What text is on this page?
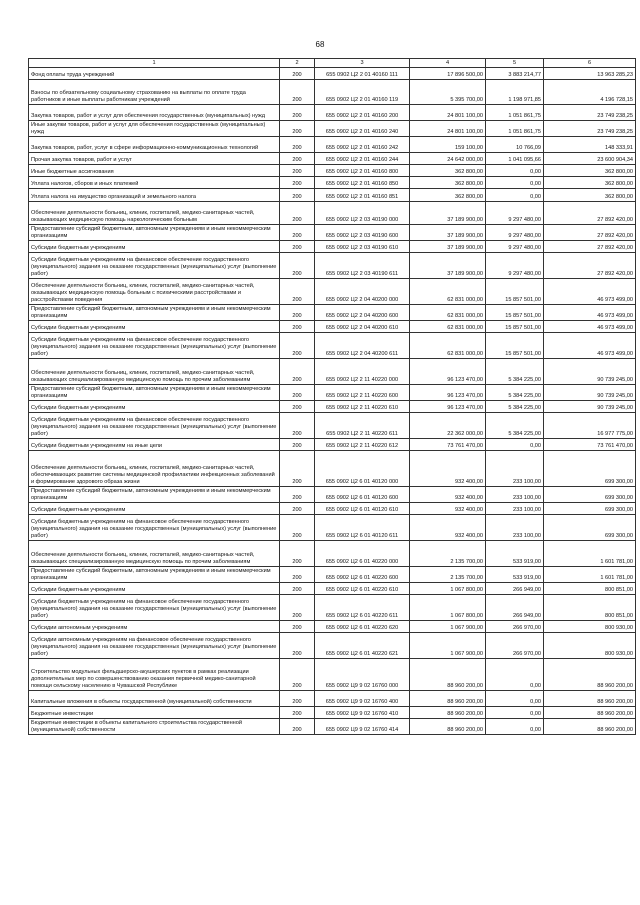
68
1	2	3	4	5	6
Фонд оплаты труда учреждений	200	655 0902 Ц2 2 01 40160 111	17 896 500,00	3 883 214,77	13 963 285,23
Взносы по обязательному социальному страхованию на выплаты по оплате труда работников и иные выплаты работникам учреждений	200	655 0902 Ц2 2 01 40160 119	5 395 700,00	1 198 971,85	4 196 728,15
Закупка товаров, работ и услуг для обеспечения государственных (муниципальных) нужд	200	655 0902 Ц2 2 01 40160 200	24 801 100,00	1 051 861,75	23 749 238,25
Иные закупки товаров, работ и услуг для обеспечения государственных (муниципальных) нужд	200	655 0902 Ц2 2 01 40160 240	24 801 100,00	1 051 861,75	23 749 238,25
Закупка товаров, работ, услуг в сфере информационно-коммуникационных технологий	200	655 0902 Ц2 2 01 40160 242	159 100,00	10 766,09	148 333,91
Прочая закупка товаров, работ и услуг	200	655 0902 Ц2 2 01 40160 244	24 642 000,00	1 041 095,66	23 600 904,34
Иные бюджетные ассигнования	200	655 0902 Ц2 2 01 40160 800	362 800,00	0,00	362 800,00
Уплата налогов, сборов и иных платежей	200	655 0902 Ц2 2 01 40160 850	362 800,00	0,00	362 800,00
Уплата налога на имущество организаций и земельного налога	200	655 0902 Ц2 2 01 40160 851	362 800,00	0,00	362 800,00
Обеспечение деятельности больниц, клиник, госпиталей, медико-санитарных частей, оказывающих медицинскую помощь наркологическим больным	200	655 0902 Ц2 2 03 40190 000	37 189 900,00	9 297 480,00	27 892 420,00
Предоставление субсидий бюджетным, автономным учреждениям и иным некоммерческим организациям	200	655 0902 Ц2 2 03 40190 600	37 189 900,00	9 297 480,00	27 892 420,00
Субсидии бюджетным учреждениям	200	655 0902 Ц2 2 03 40190 610	37 189 900,00	9 297 480,00	27 892 420,00
Субсидии бюджетным учреждениям на финансовое обеспечение государственного (муниципального) задания на оказание государственных (муниципальных) услуг (выполнение работ)	200	655 0902 Ц2 2 03 40190 611	37 189 900,00	9 297 480,00	27 892 420,00
Обеспечение деятельности больниц, клиник, госпиталей, медико-санитарных частей, оказывающих медицинскую помощь больным с психическими расстройствами и расстройствами поведения	200	655 0902 Ц2 2 04 40200 000	62 831 000,00	15 857 501,00	46 973 499,00
Предоставление субсидий бюджетным, автономным учреждениям и иным некоммерческим организациям	200	655 0902 Ц2 2 04 40200 600	62 831 000,00	15 857 501,00	46 973 499,00
Субсидии бюджетным учреждениям	200	655 0902 Ц2 2 04 40200 610	62 831 000,00	15 857 501,00	46 973 499,00
Субсидии бюджетным учреждениям на финансовое обеспечение государственного (муниципального) задания на оказание государственных (муниципальных) услуг (выполнение работ)	200	655 0902 Ц2 2 04 40200 611	62 831 000,00	15 857 501,00	46 973 499,00
Обеспечение деятельности больниц, клиник, госпиталей, медико-санитарных частей, оказывающих специализированную медицинскую помощь по прочим заболеваниям	200	655 0902 Ц2 2 11 40220 000	96 123 470,00	5 384 225,00	90 739 245,00
Предоставление субсидий бюджетным, автономным учреждениям и иным некоммерческим организациям	200	655 0902 Ц2 2 11 40220 600	96 123 470,00	5 384 225,00	90 739 245,00
Субсидии бюджетным учреждениям	200	655 0902 Ц2 2 11 40220 610	96 123 470,00	5 384 225,00	90 739 245,00
Субсидии бюджетным учреждениям на финансовое обеспечение государственного (муниципального) задания на оказание государственных (муниципальных) услуг (выполнение работ)	200	655 0902 Ц2 2 11 40220 611	22 362 000,00	5 384 225,00	16 977 775,00
Субсидии бюджетным учреждениям на иные цели	200	655 0902 Ц2 2 11 40220 612	73 761 470,00	0,00	73 761 470,00
Обеспечение деятельности больниц, клиник, госпиталей, медико-санитарных частей, обеспечивающих развитие системы медицинской профилактики инфекционных заболеваний и формирование здорового образа жизни	200	655 0902 Ц2 6 01 40120 000	932 400,00	233 100,00	699 300,00
Предоставление субсидий бюджетным, автономным учреждениям и иным некоммерческим организациям	200	655 0902 Ц2 6 01 40120 600	932 400,00	233 100,00	699 300,00
Субсидии бюджетным учреждениям	200	655 0902 Ц2 6 01 40120 610	932 400,00	233 100,00	699 300,00
Субсидии бюджетным учреждениям на финансовое обеспечение государственного (муниципального) задания на оказание государственных (муниципальных) услуг (выполнение работ)	200	655 0902 Ц2 6 01 40120 611	932 400,00	233 100,00	699 300,00
Обеспечение деятельности больниц, клиник, госпиталей, медико-санитарных частей, оказывающих специализированную медицинскую помощь по прочим заболеваниям	200	655 0902 Ц2 6 01 40220 000	2 135 700,00	533 919,00	1 601 781,00
Предоставление субсидий бюджетным, автономным учреждениям и иным некоммерческим организациям	200	655 0902 Ц2 6 01 40220 600	2 135 700,00	533 919,00	1 601 781,00
Субсидии бюджетным учреждениям	200	655 0902 Ц2 6 01 40220 610	1 067 800,00	266 949,00	800 851,00
Субсидии бюджетным учреждениям на финансовое обеспечение государственного (муниципального) задания на оказание государственных (муниципальных) услуг (выполнение работ)	200	655 0902 Ц2 6 01 40220 611	1 067 800,00	266 949,00	800 851,00
Субсидии автономным учреждениям	200	655 0902 Ц2 6 01 40220 620	1 067 900,00	266 970,00	800 930,00
Субсидии автономным учреждениям на финансовое обеспечение государственного (муниципального) задания на оказание государственных (муниципальных) услуг (выполнение работ)	200	655 0902 Ц2 6 01 40220 621	1 067 900,00	266 970,00	800 930,00
Строительство модульных фельдшерско-акушерских пунктов в рамках реализации дополнительных мер по совершенствованию оказания первичной медико-санитарной помощи сельскому населению в Чувашской Республике	200	655 0902 Ц9 9 02 16760 000	88 960 200,00	0,00	88 960 200,00
Капитальные вложения в объекты государственной (муниципальной) собственности	200	655 0902 Ц9 9 02 16760 400	88 960 200,00	0,00	88 960 200,00
Бюджетные инвестиции	200	655 0902 Ц9 9 02 16760 410	88 960 200,00	0,00	88 960 200,00
Бюджетные инвестиции в объекты капитального строительства государственной (муниципальной) собственности	200	655 0902 Ц9 9 02 16760 414	88 960 200,00	0,00	88 960 200,00
